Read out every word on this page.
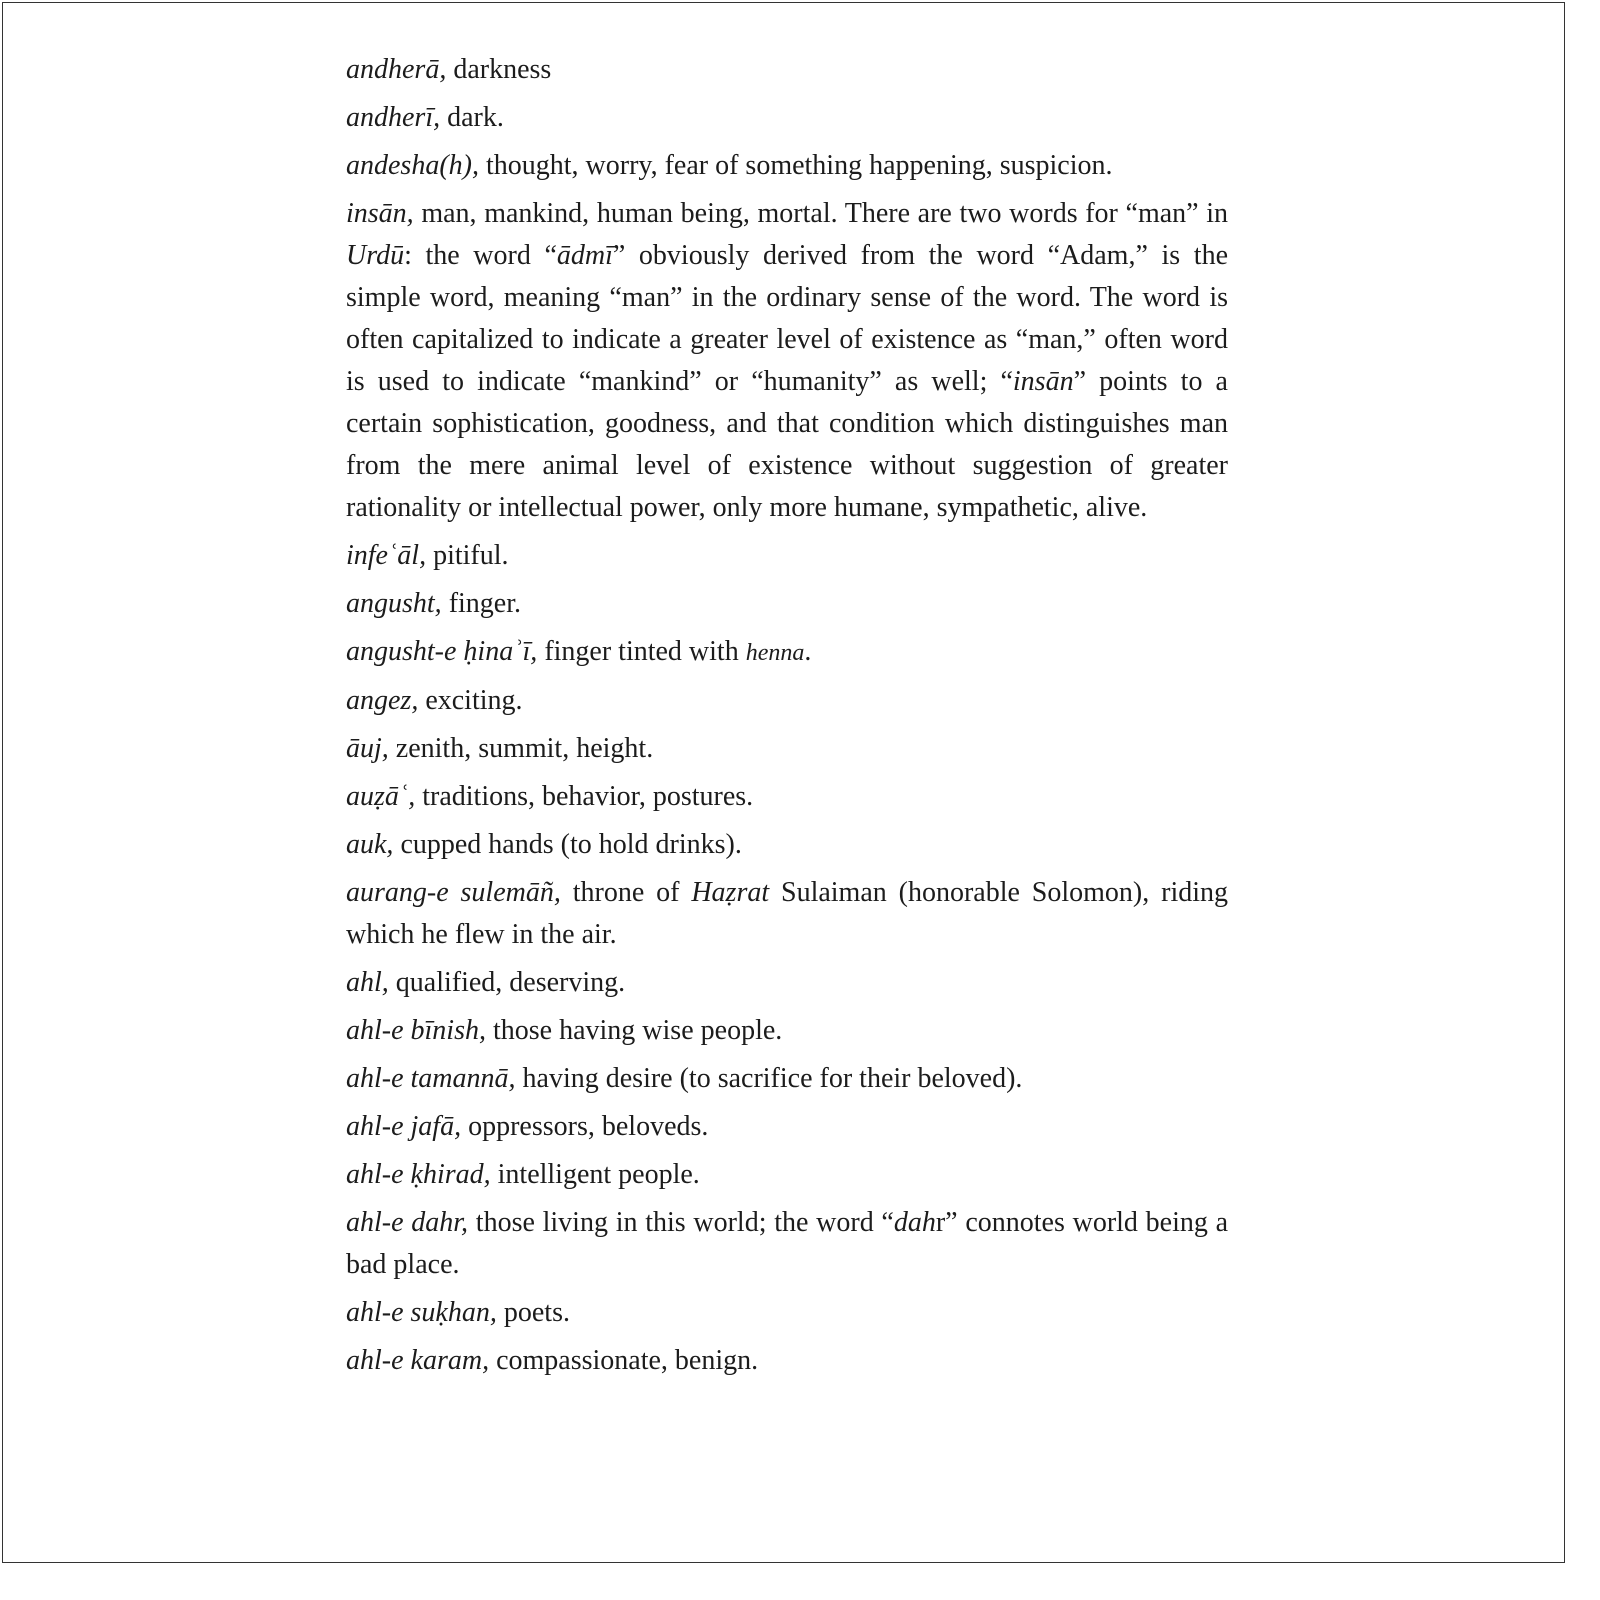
andherā, darkness

andherī, dark.

andesha(h), thought, worry, fear of something happening, suspicion.

insān, man, mankind, human being, mortal. There are two words for “man” in Urdū: the word “ādmī” obviously derived from the word “Adam,” is the simple word, meaning “man” in the ordinary sense of the word. The word is often capitalized to indicate a greater level of existence as “man,” often word is used to indicate “mankind” or “humanity” as well; “insān” points to a certain sophistication, goodness, and that condition which distinguishes man from the mere animal level of existence without suggestion of greater rationality or intellectual power, only more humane, sympathetic, alive.

infeʿāl, pitiful.

angusht, finger.

angusht-e ḥinaʾī, finger tinted with henna.

angez, exciting.

āuj, zenith, summit, height.

auẓāʿ, traditions, behavior, postures.

auk, cupped hands (to hold drinks).

aurang-e sulemāñ, throne of Haẓrat Sulaiman (honorable Solomon), riding which he flew in the air.

ahl, qualified, deserving.

ahl-e bīnish, those having wise people.

ahl-e tamannā, having desire (to sacrifice for their beloved).

ahl-e jafā, oppressors, beloveds.

ahl-e ḳhirad, intelligent people.

ahl-e dahr, those living in this world; the word “dahr” connotes world being a bad place.

ahl-e suḳhan, poets.

ahl-e karam, compassionate, benign.
